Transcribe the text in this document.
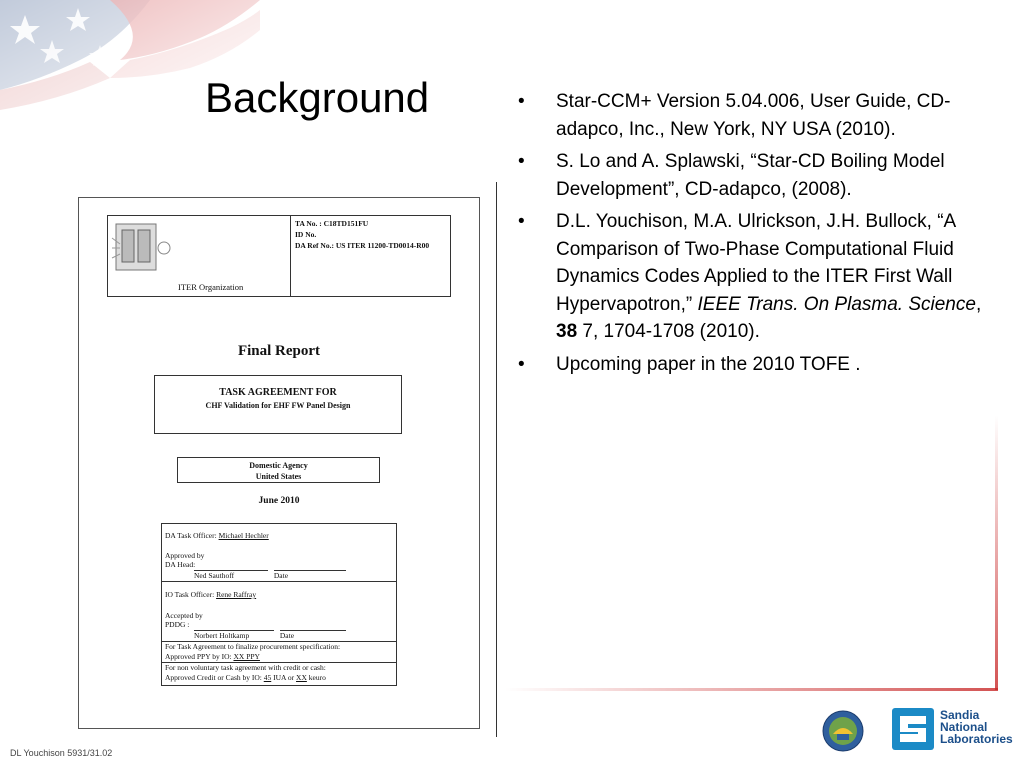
Background	• Star-CCM+ Version 5.04.006, User Guide, CD-adapco, Inc., New York, NY USA (2010).
• S. Lo and A. Splawski, “Star-CD Boiling Model Development”, CD-adapco, (2008).
• D.L. Youchison, M.A. Ulrickson, J.H. Bullock, “A Comparison of Two-Phase Computational Fluid Dynamics Codes Applied to the ITER First Wall Hypervapotron,” IEEE Trans. On Plasma. Science, 38 7, 1704-1708 (2010).
• Upcoming paper in the 2010 TOFE .
ITER Organization
TA No. : C18TD151FU
ID No.
DA Ref No.: US ITER 11200-TD0014-R00
Final Report
TASK AGREEMENT FOR
CHF Validation for EHF FW Panel Design
Domestic Agency
United States
June 2010
DA Task Officer: Michael Hechler
Approved by
DA Head:
Ned Sauthoff	Date
IO Task Officer: Rene Raffray
Accepted by
PDDG :
Norbert Holtkamp	Date
For Task Agreement to finalize procurement specification:
Approved PPY by IO: XX PPY
For non voluntary task agreement with credit or cash:
Approved Credit or Cash by IO: 45 IUA or XX keuro
DL Youchison 5931/31.02
Sandia
National
Laboratories
